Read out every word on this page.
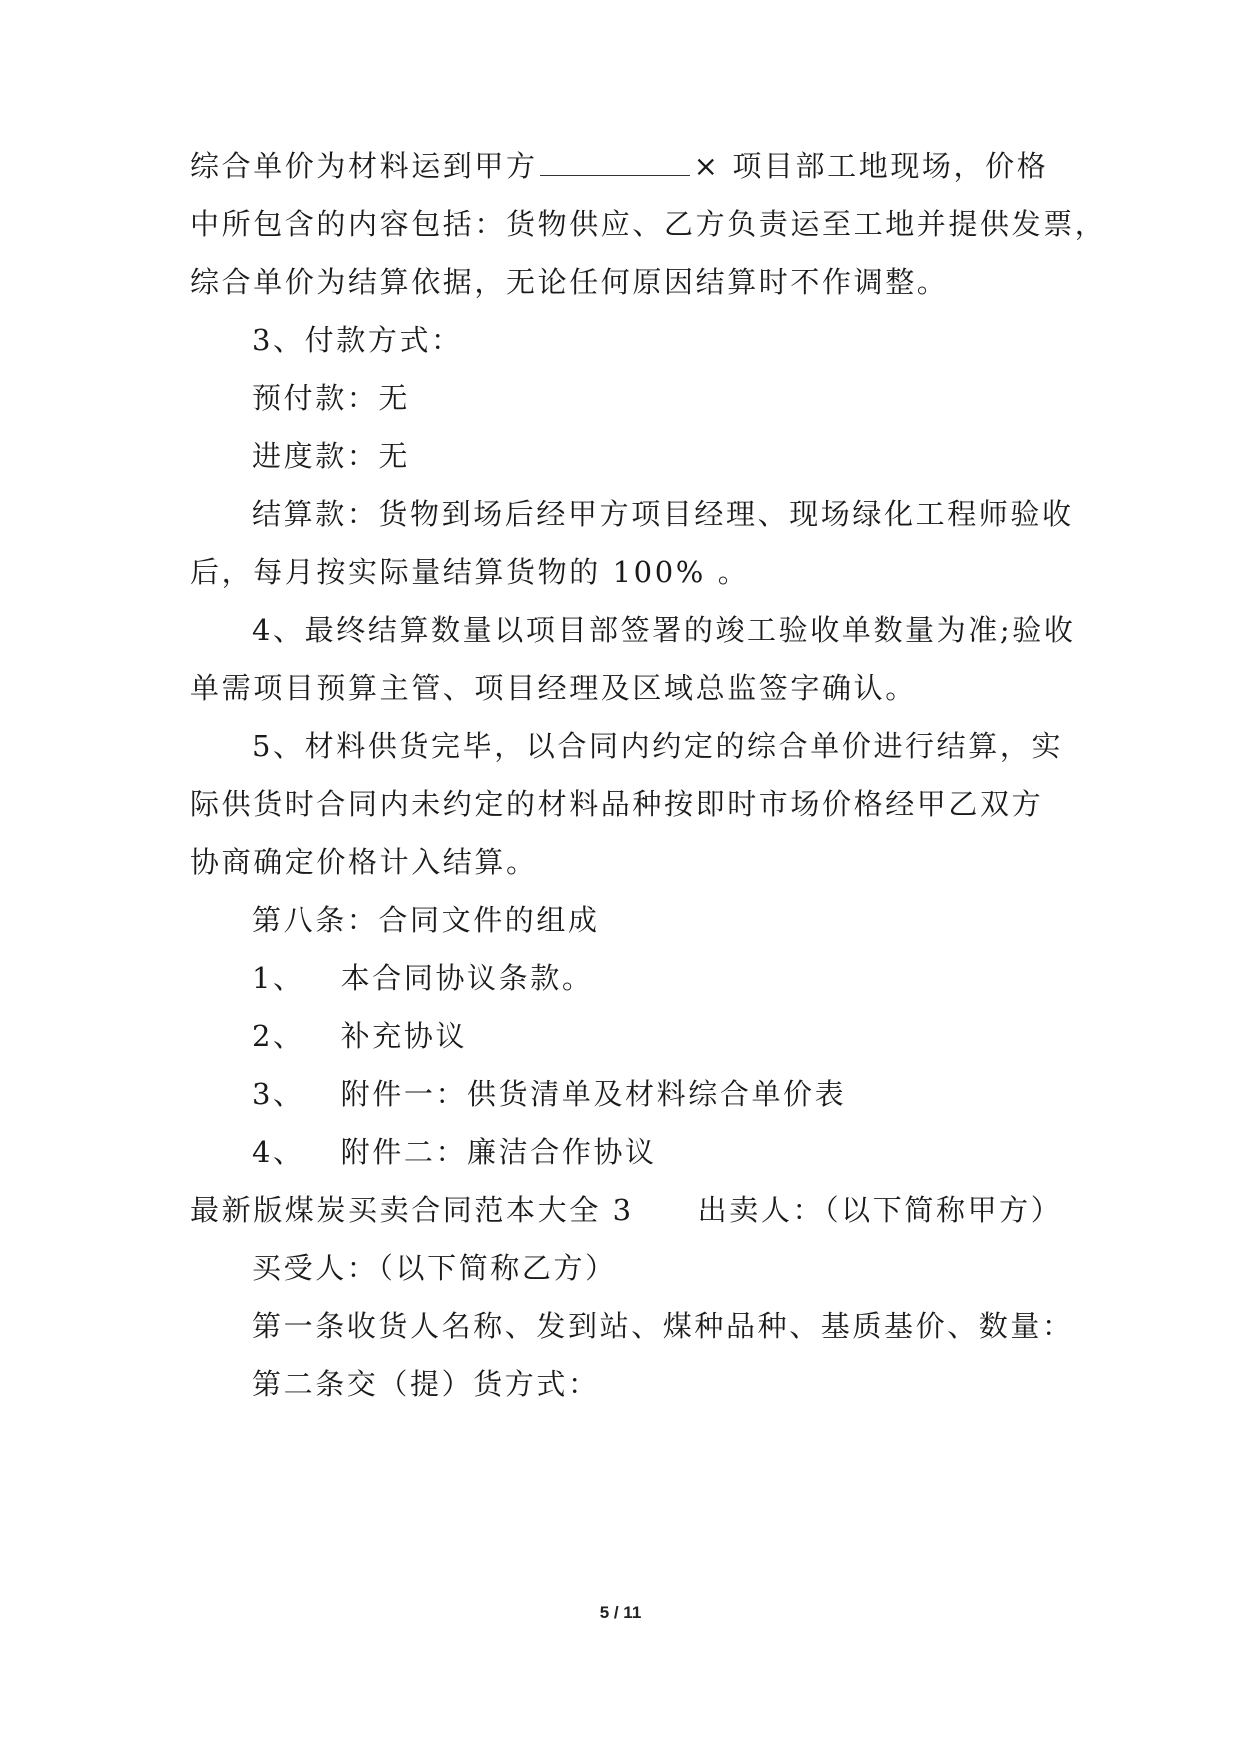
综合单价为材料运到甲方	× 项目部工地现场，价格
中所包含的内容包括：货物供应、乙方负责运至工地并提供发票，
综合单价为结算依据，无论任何原因结算时不作调整。
3、付款方式：
预付款：无
进度款：无
结算款：货物到场后经甲方项目经理、现场绿化工程师验收
后，每月按实际量结算货物的 100% 。
4、最终结算数量以项目部签署的竣工验收单数量为准;验收
单需项目预算主管、项目经理及区域总监签字确认。
5、材料供货完毕，以合同内约定的综合单价进行结算，实
际供货时合同内未约定的材料品种按即时市场价格经甲乙双方
协商确定价格计入结算。
第八条：合同文件的组成
1、 本合同协议条款。
2、 补充协议
3、 附件一：供货清单及材料综合单价表
4、 附件二：廉洁合作协议
最新版煤炭买卖合同范本大全 3 出卖人：（以下简称甲方）
买受人：（以下简称乙方）
第一条收货人名称、发到站、煤种品种、基质基价、数量：
第二条交（提）货方式：
5 / 11
